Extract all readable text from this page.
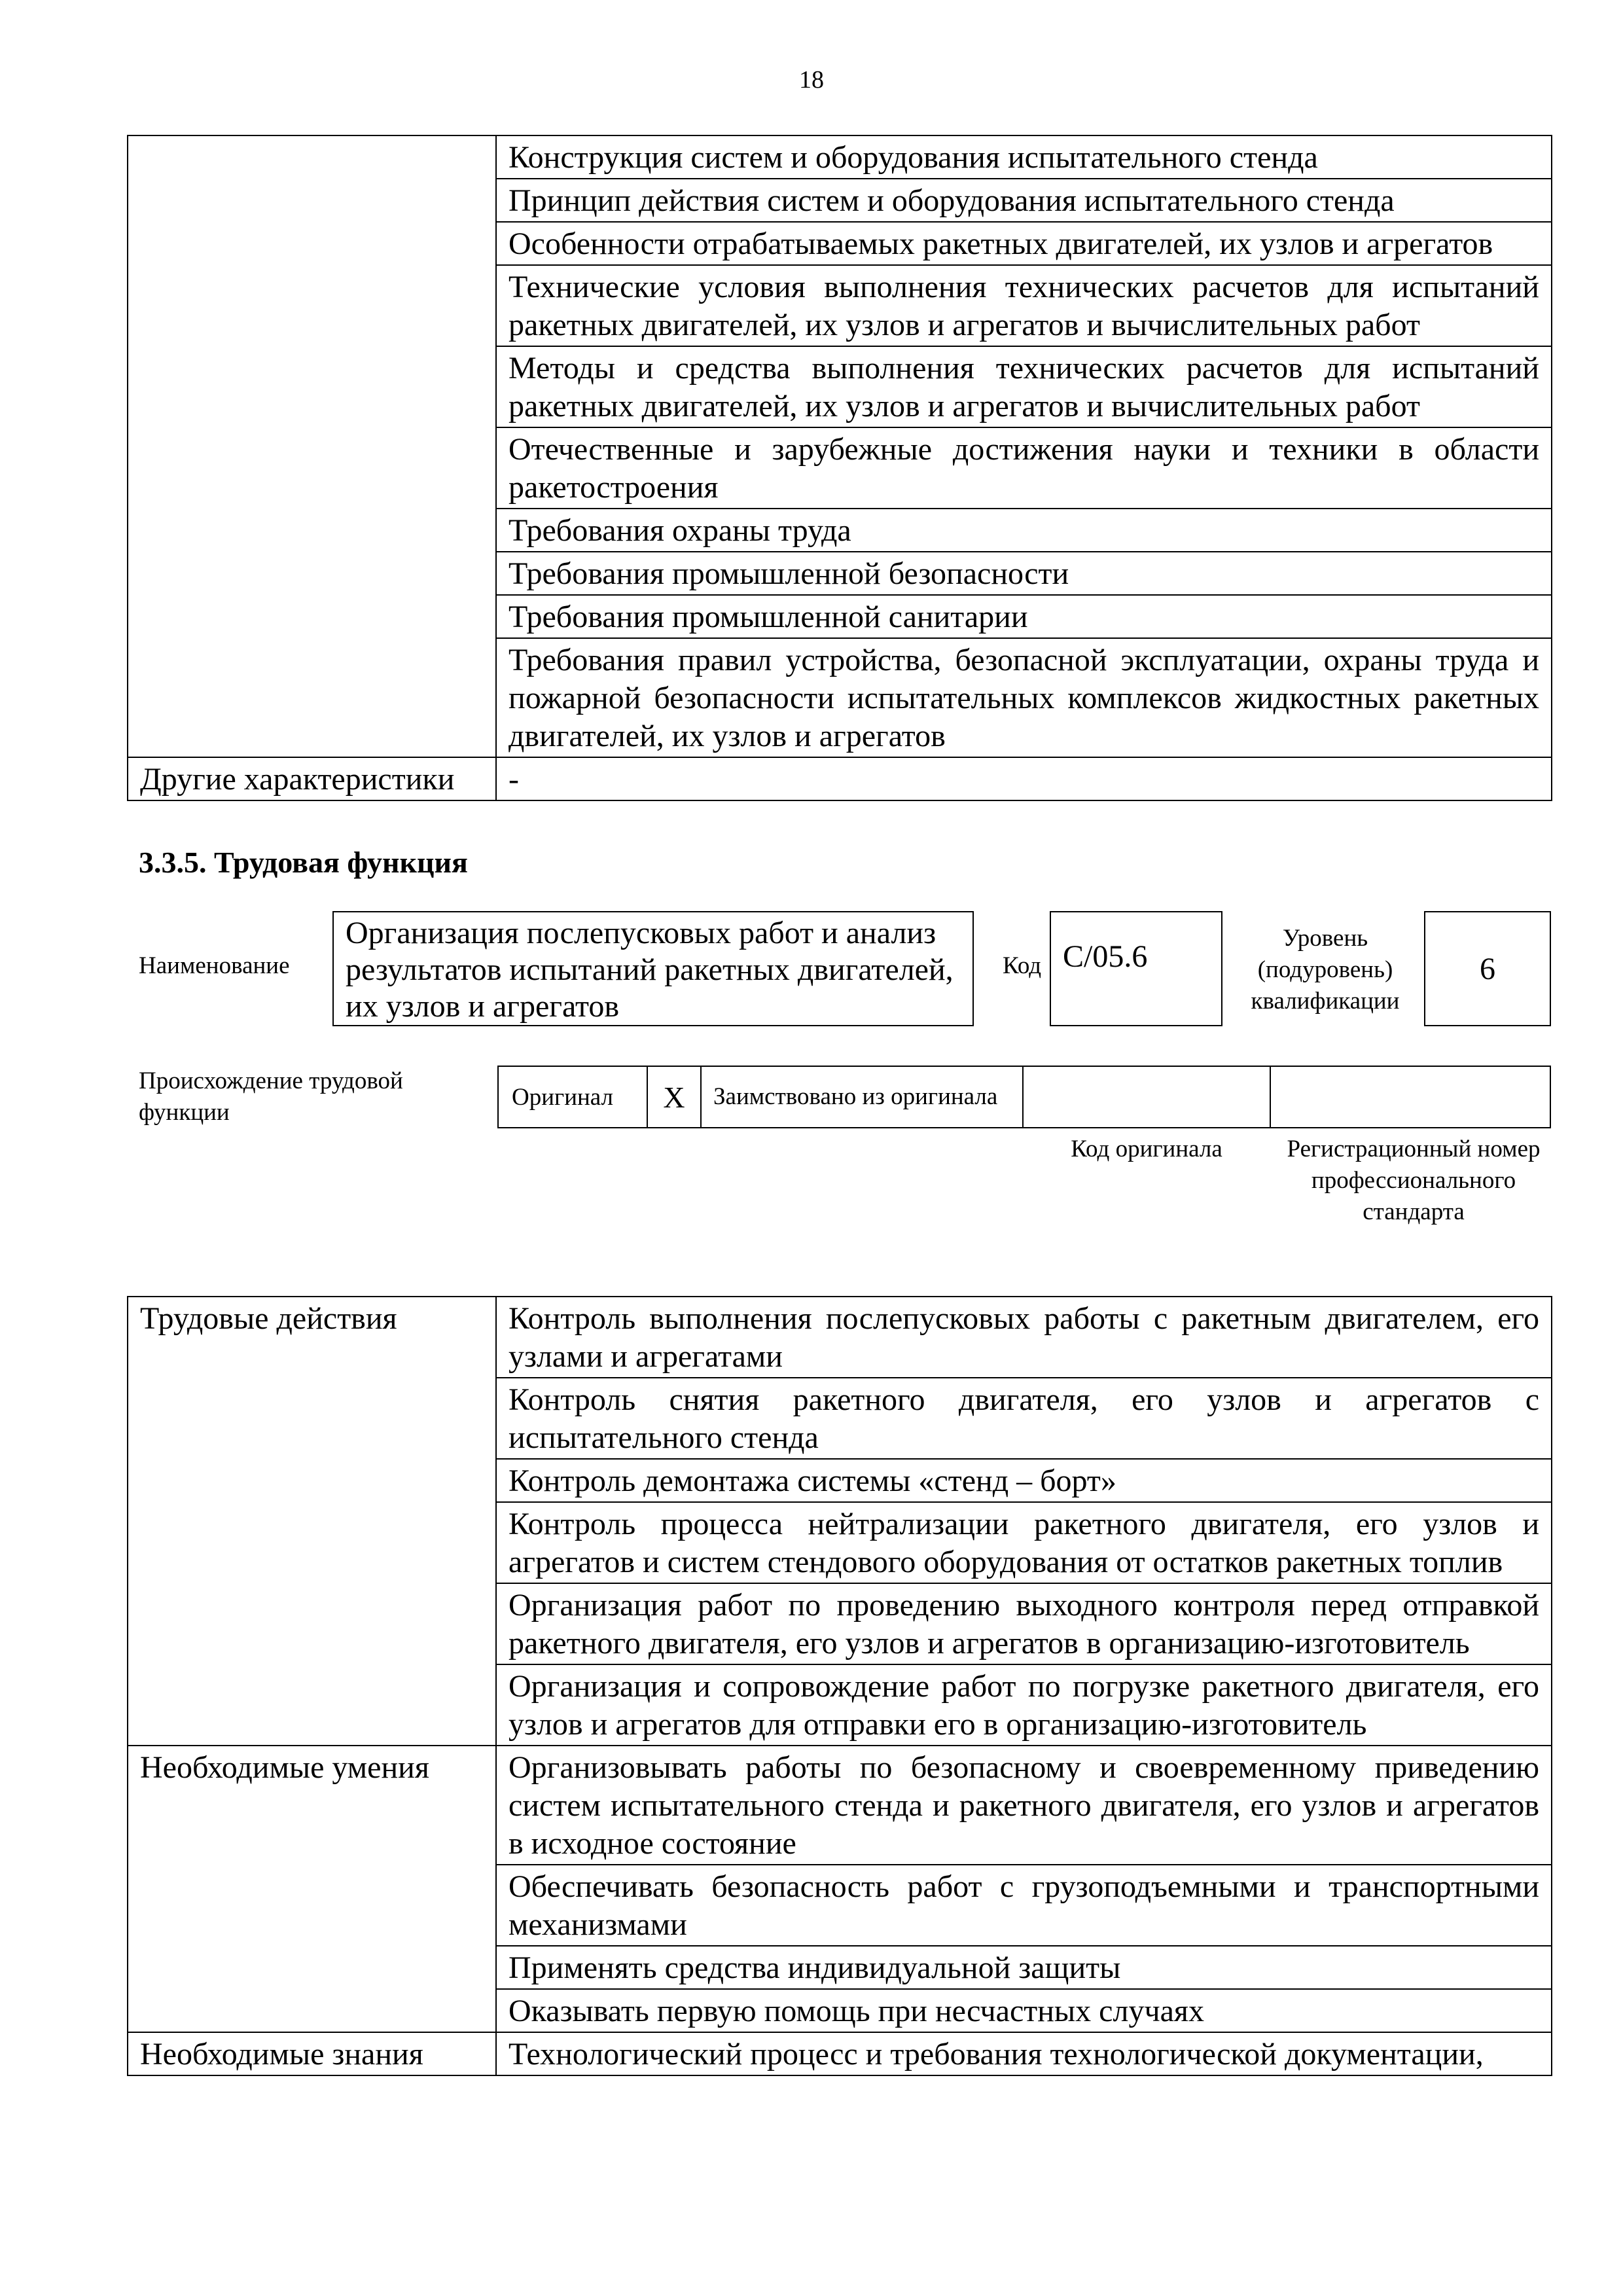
18
	Конструкция систем и оборудования испытательного стенда
	Принцип действия систем и оборудования испытательного стенда
	Особенности отрабатываемых ракетных двигателей, их узлов и агрегатов
	Технические условия выполнения технических расчетов для испытаний ракетных двигателей, их узлов и агрегатов и вычислительных работ
	Методы и средства выполнения технических расчетов для испытаний ракетных двигателей, их узлов и агрегатов и вычислительных работ
	Отечественные и зарубежные достижения науки и техники в области ракетостроения
	Требования охраны труда
	Требования промышленной безопасности
	Требования промышленной санитарии
	Требования правил устройства, безопасной эксплуатации, охраны труда и пожарной безопасности испытательных комплексов жидкостных ракетных двигателей, их узлов и агрегатов
Другие характеристики	-
3.3.5. Трудовая функция
Наименование
Организация послепусковых работ и анализ результатов испытаний ракетных двигателей, их узлов и агрегатов
Код C/05.6
Уровень (подуровень) квалификации
6
Происхождение трудовой функции
Оригинал X Заимствовано из оригинала
Код оригинала	Регистрационный номер профессионального стандарта
Трудовые действия	Контроль выполнения послепусковых работы с ракетным двигателем, его узлами и агрегатами
	Контроль снятия ракетного двигателя, его узлов и агрегатов с испытательного стенда
	Контроль демонтажа системы «стенд – борт»
	Контроль процесса нейтрализации ракетного двигателя, его узлов и агрегатов и систем стендового оборудования от остатков ракетных топлив
	Организация работ по проведению выходного контроля перед отправкой ракетного двигателя, его узлов и агрегатов в организацию-изготовитель
	Организация и сопровождение работ по погрузке ракетного двигателя, его узлов и агрегатов для отправки его в организацию-изготовитель
Необходимые умения	Организовывать работы по безопасному и своевременному приведению систем испытательного стенда и ракетного двигателя, его узлов и агрегатов в исходное состояние
	Обеспечивать безопасность работ с грузоподъемными и транспортными механизмами
	Применять средства индивидуальной защиты
	Оказывать первую помощь при несчастных случаях
Необходимые знания	Технологический процесс и требования технологической документации,
